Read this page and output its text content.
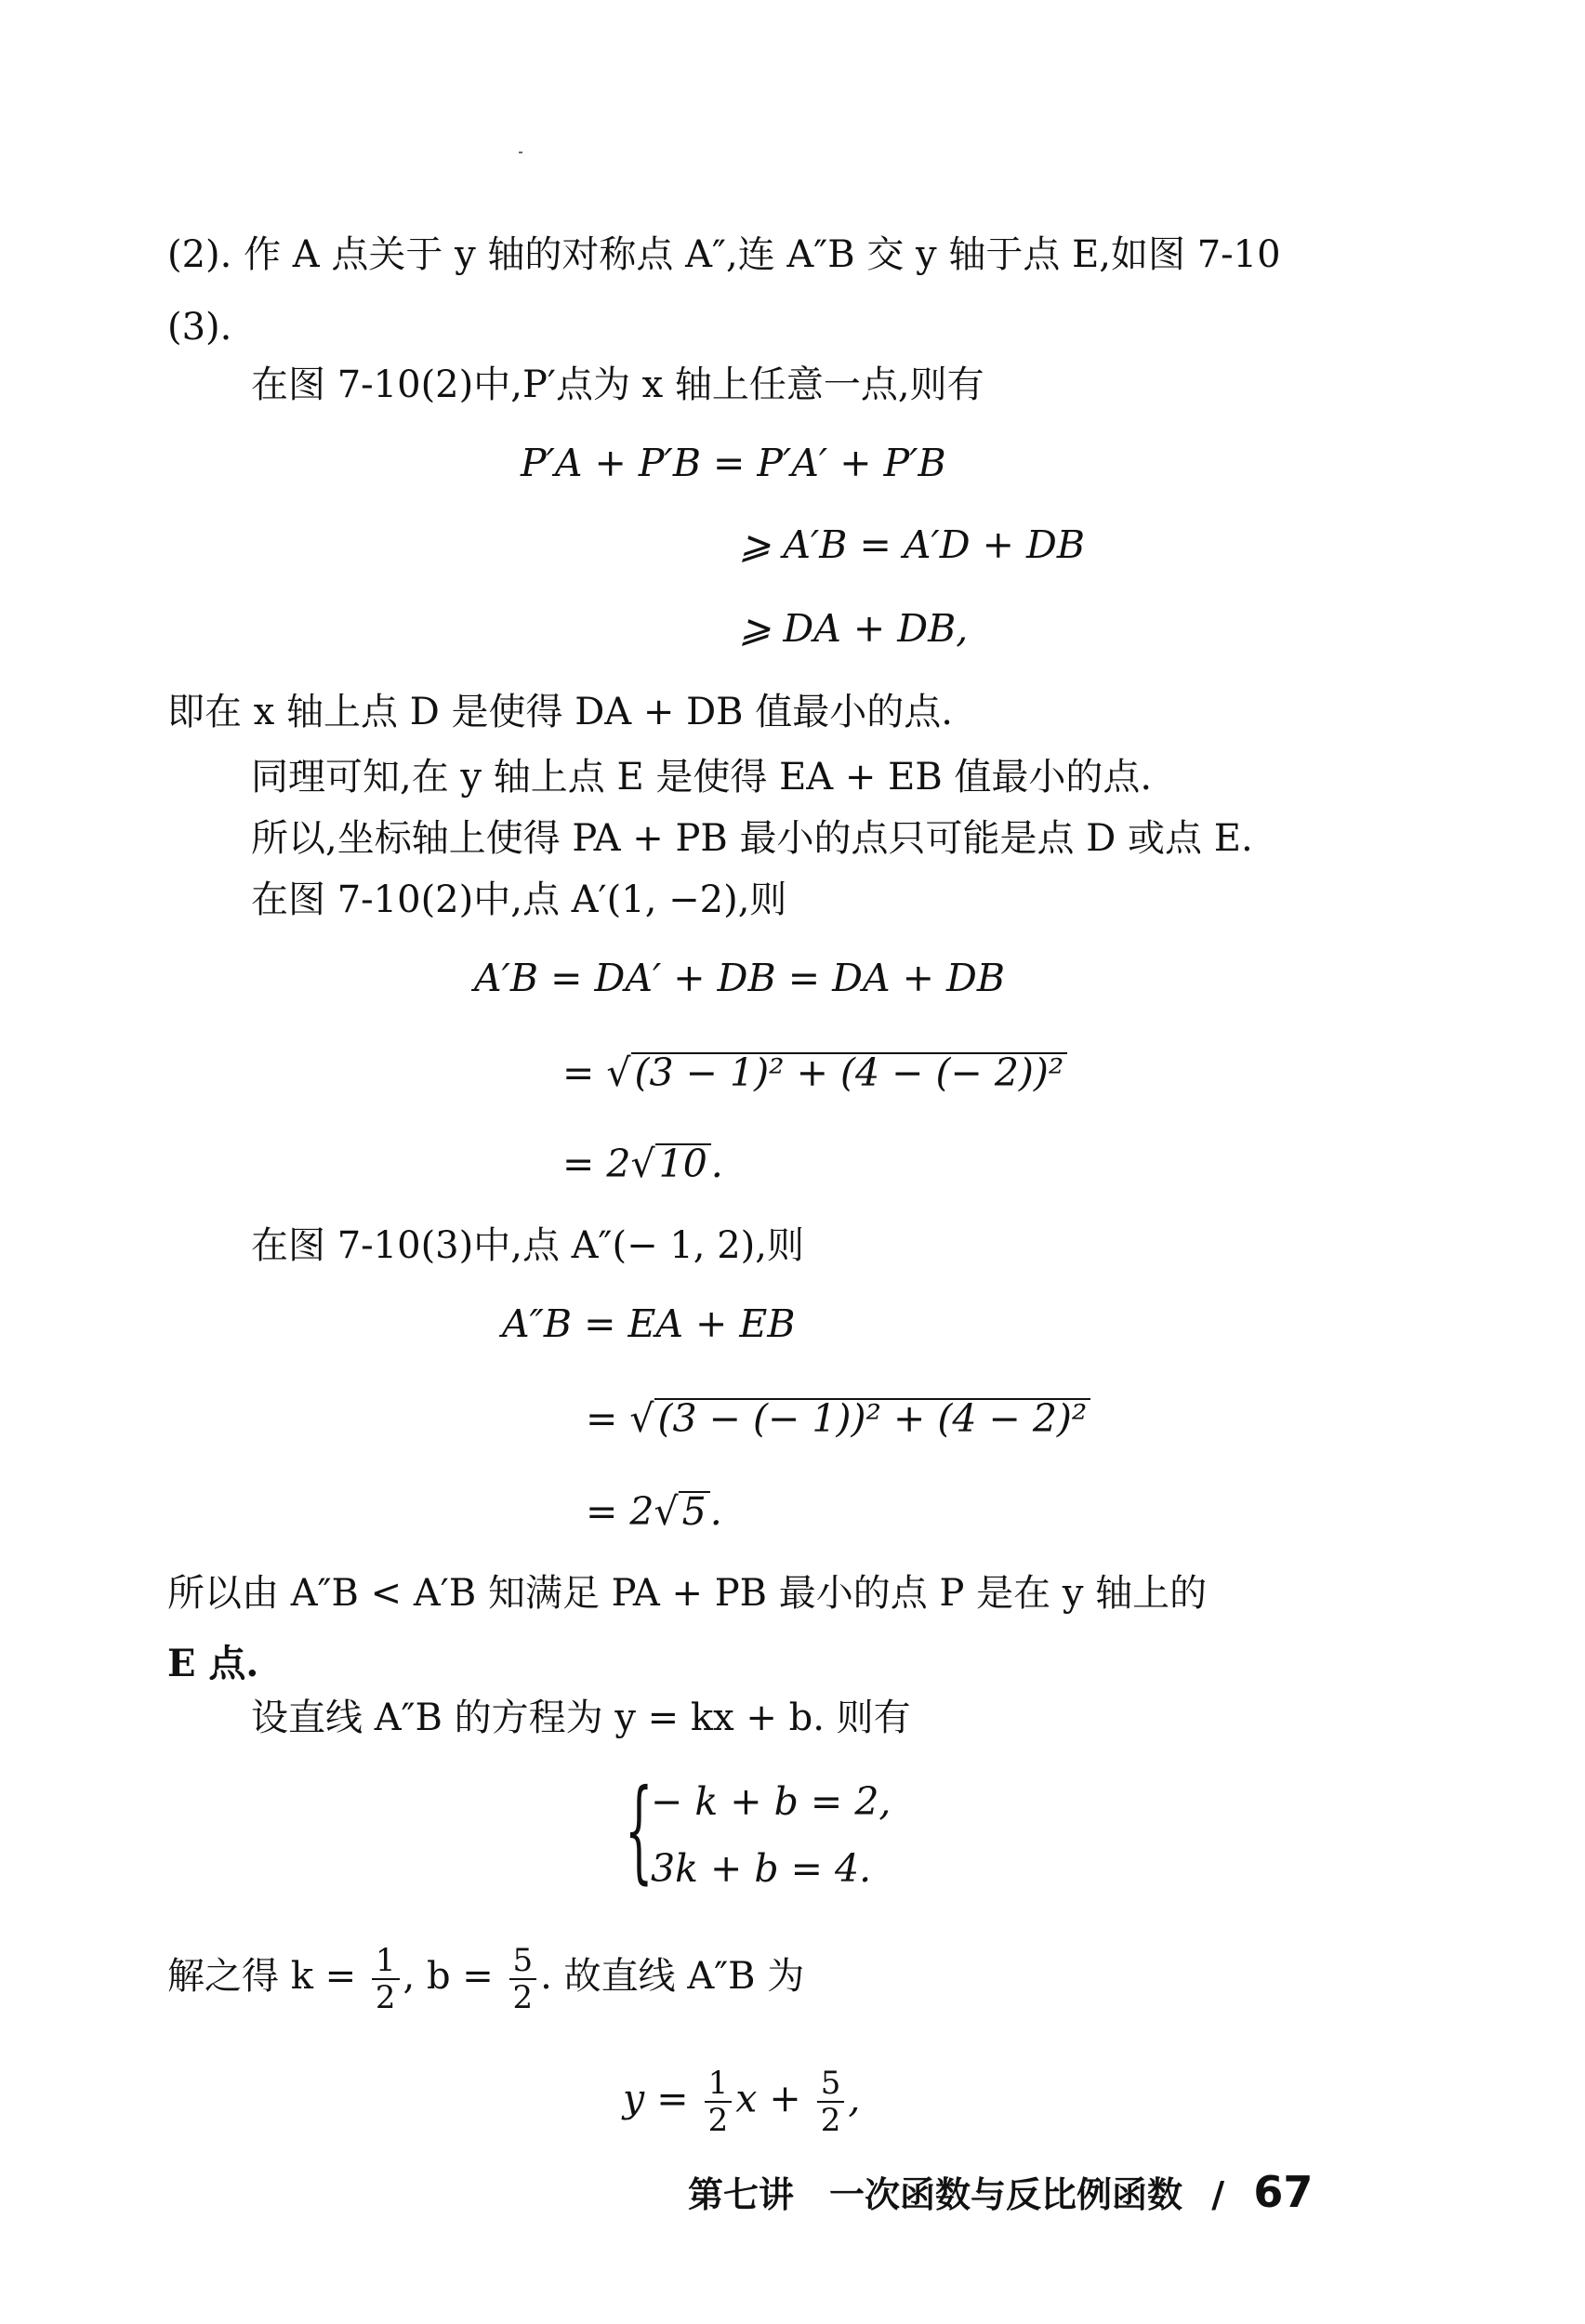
(2). 作 A 点关于 y 轴的对称点 A″,连 A″B 交 y 轴于点 E,如图 7-10
(3).
在图 7-10(2)中,P′点为 x 轴上任意一点,则有
P′A + P′B = P′A′ + P′B
⩾ A′B = A′D + DB
⩾ DA + DB,
即在 x 轴上点 D 是使得 DA + DB 值最小的点.
同理可知,在 y 轴上点 E 是使得 EA + EB 值最小的点.
所以,坐标轴上使得 PA + PB 最小的点只可能是点 D 或点 E.
在图 7-10(2)中,点 A′(1, −2),则
A′B = DA′ + DB = DA + DB
= √(3 − 1)² + (4 − (− 2))²
= 2√10.
在图 7-10(3)中,点 A″(− 1, 2),则
A″B = EA + EB
= √(3 − (− 1))² + (4 − 2)²
= 2√5.
所以由 A″B < A′B 知满足 PA + PB 最小的点 P 是在 y 轴上的
E 点.
设直线 A″B 的方程为 y = kx + b. 则有
{
− k + b = 2,
3k + b = 4.
解之得 $k = \frac{1}{2}$ , $b = \frac{5}{2}$ . 故直线 A″B 为
$y = \frac{1}{2}$ $x + \frac{5}{2}$ ,
第七讲　一次函数与反比例函数 / 67
